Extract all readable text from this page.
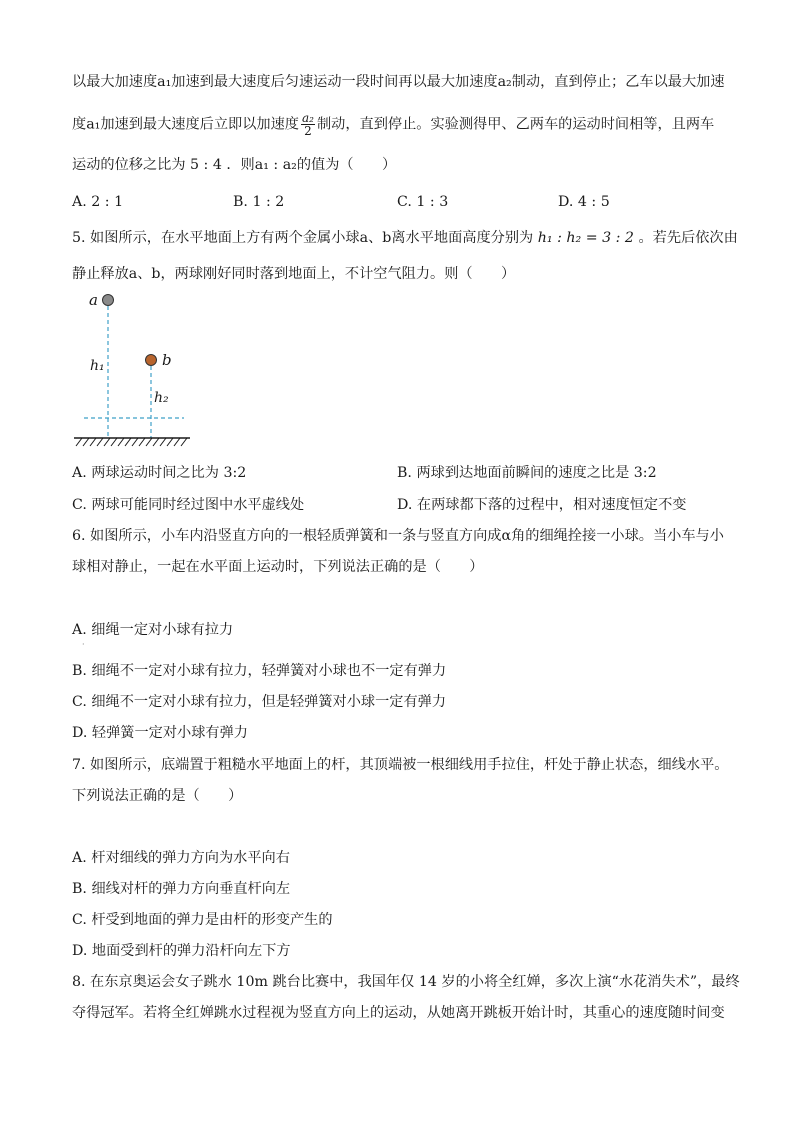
以最大加速度a₁加速到最大速度后匀速运动一段时间再以最大加速度a₂制动，直到停止；乙车以最大加速
度a₁加速到最大速度后立即以加速度 $\frac{\text{a₂}}{2}$ 制动，直到停止。实验测得甲、乙两车的运动时间相等，且两车
运动的位移之比为 5 : 4 ．则a₁ : a₂的值为（　　）
A. 2 : 1	B. 1 : 2	C. 1 : 3	D. 4 : 5
5. 如图所示，在水平地面上方有两个金属小球a、b离水平地面高度分别为 h₁ : h₂ = 3 : 2 。若先后依次由
静止释放a、b，两球刚好同时落到地面上，不计空气阻力。则（　　）
a
b
h₁
h₂
A. 两球运动时间之比为 3:2	B. 两球到达地面前瞬间的速度之比是 3:2
C. 两球可能同时经过图中水平虚线处	D. 在两球都下落的过程中，相对速度恒定不变
6. 如图所示，小车内沿竖直方向的一根轻质弹簧和一条与竖直方向成α角的细绳拴接一小球。当小车与小
球相对静止，一起在水平面上运动时，下列说法正确的是（　　）
A. 细绳一定对小球有拉力
·
B. 细绳不一定对小球有拉力，轻弹簧对小球也不一定有弹力
C. 细绳不一定对小球有拉力，但是轻弹簧对小球一定有弹力
D. 轻弹簧一定对小球有弹力
7. 如图所示，底端置于粗糙水平地面上的杆，其顶端被一根细线用手拉住，杆处于静止状态，细线水平。
下列说法正确的是（　　）
A. 杆对细线的弹力方向为水平向右
B. 细线对杆的弹力方向垂直杆向左
C. 杆受到地面的弹力是由杆的形变产生的
D. 地面受到杆的弹力沿杆向左下方
8. 在东京奥运会女子跳水 10m 跳台比赛中，我国年仅 14 岁的小将全红婵，多次上演“水花消失术”，最终
夺得冠军。若将全红婵跳水过程视为竖直方向上的运动，从她离开跳板开始计时，其重心的速度随时间变
